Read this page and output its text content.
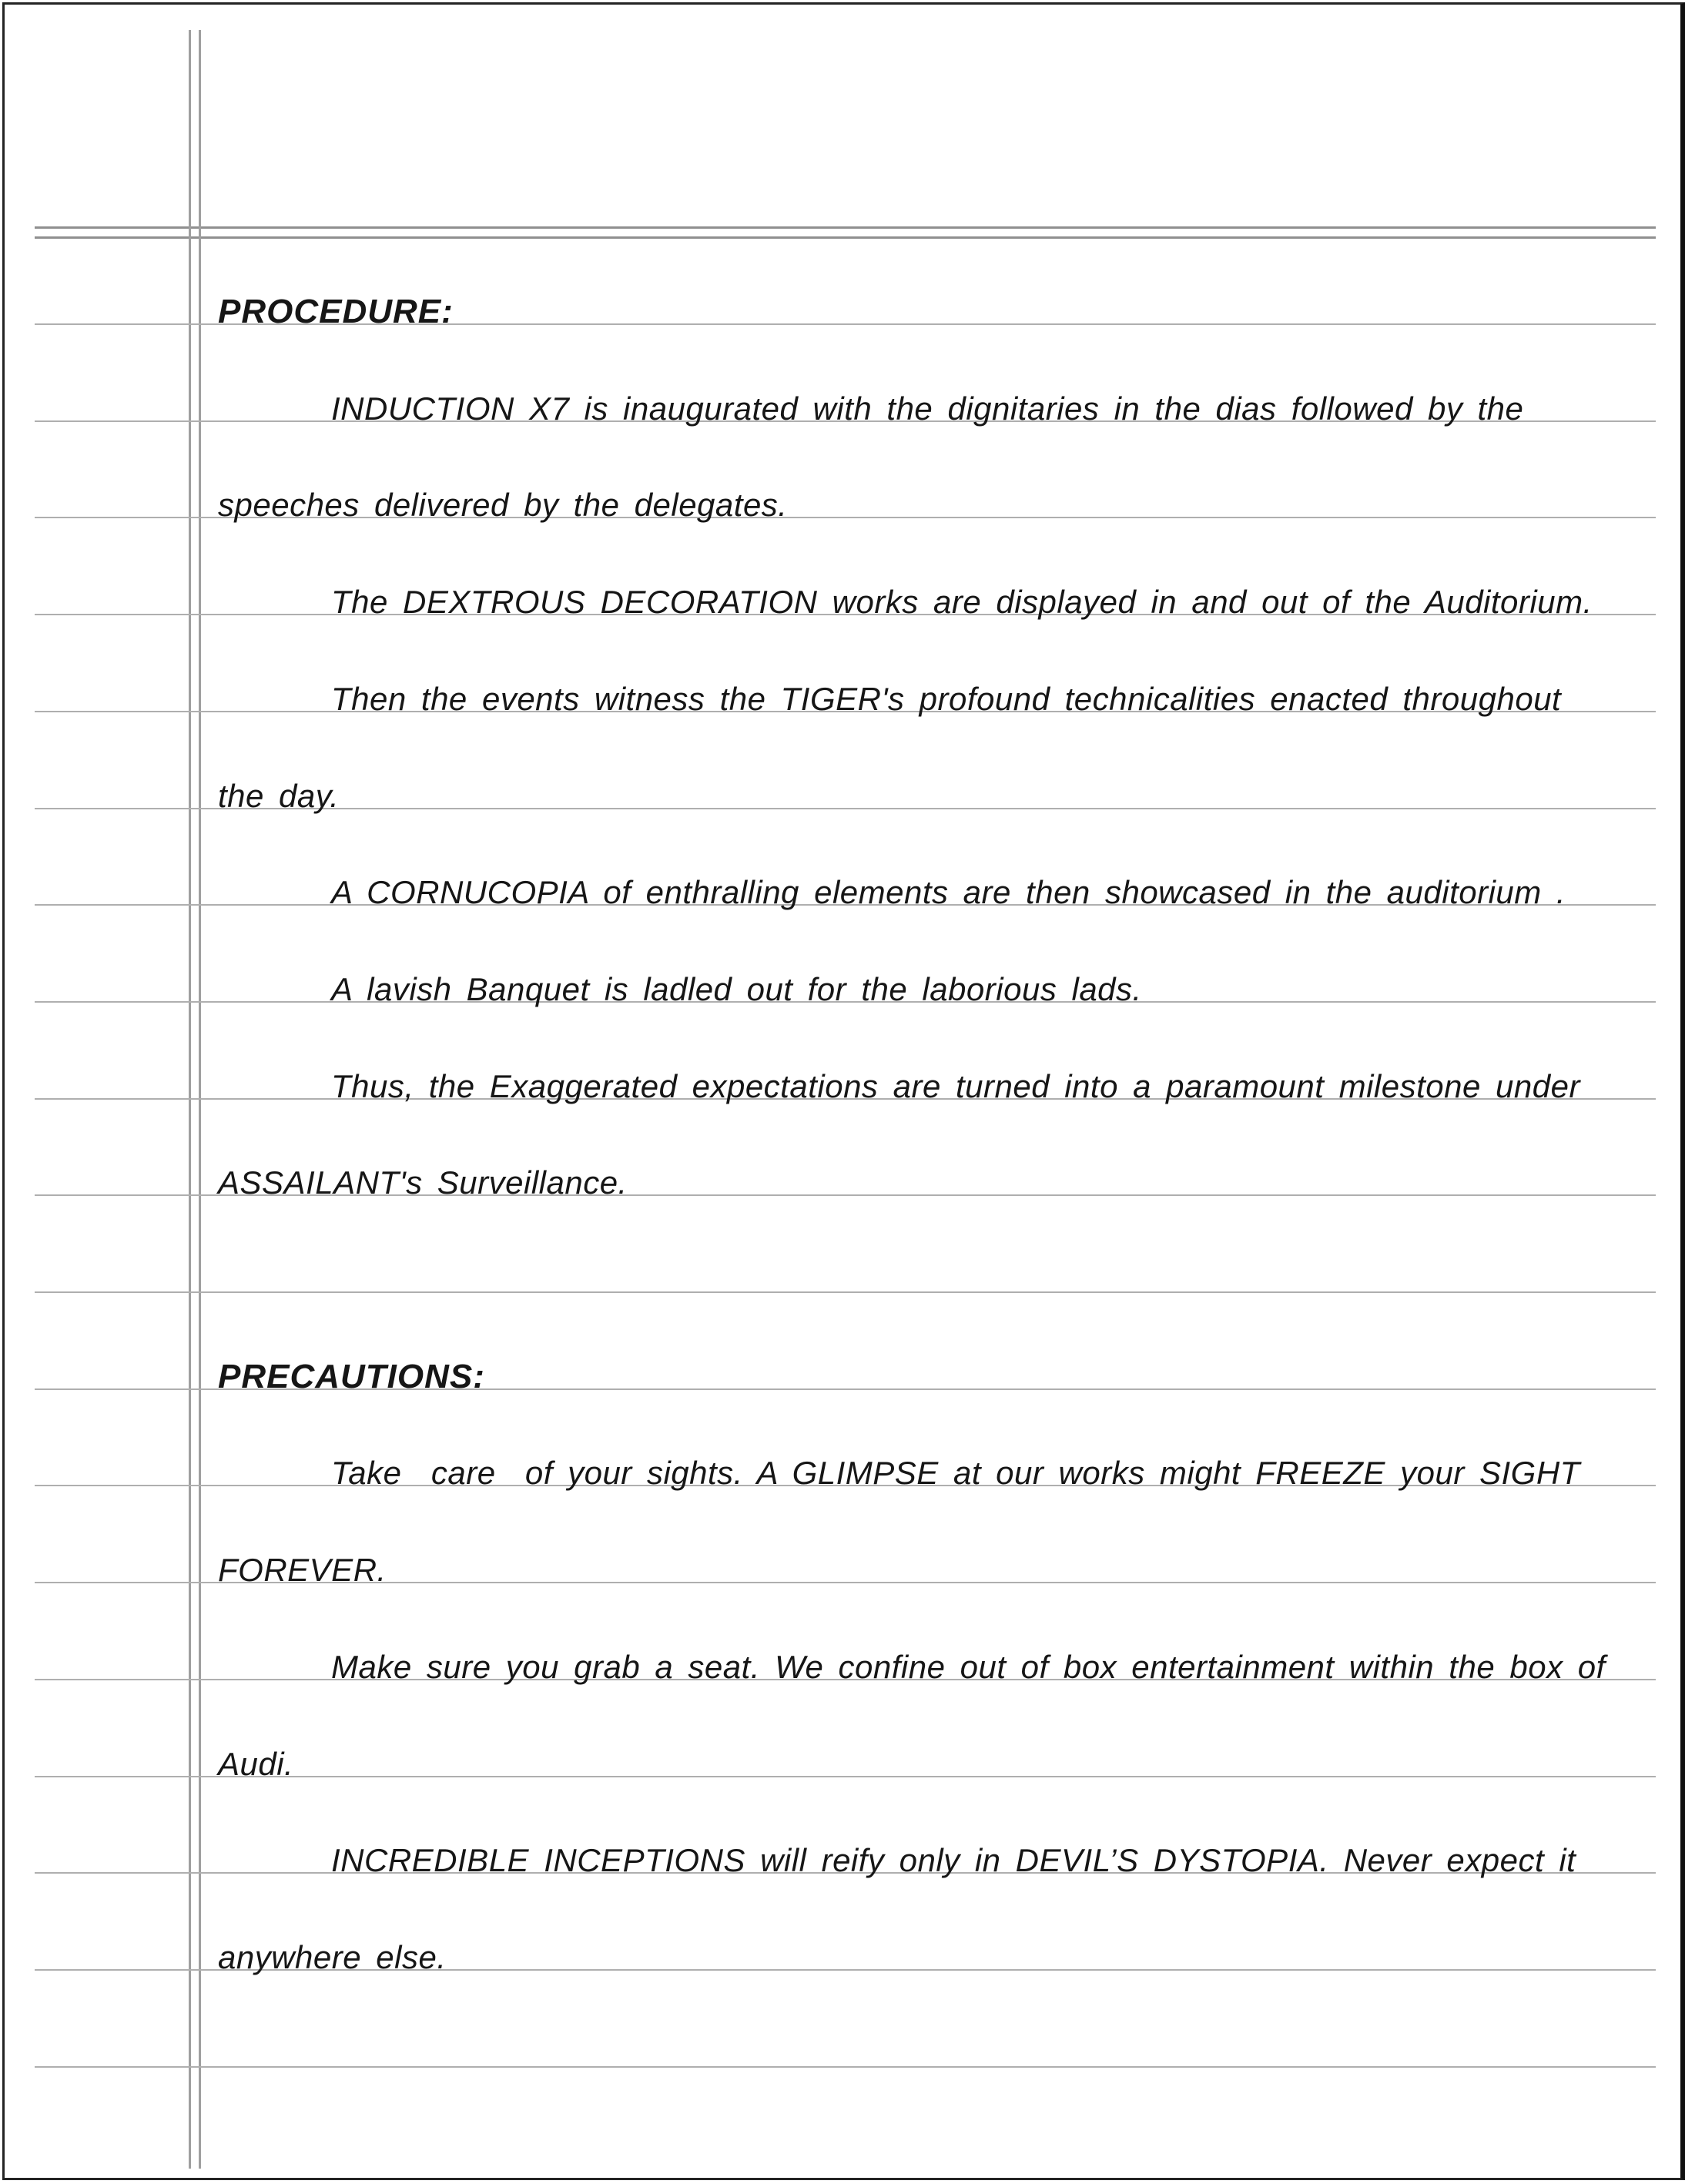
PROCEDURE:
INDUCTION X7 is inaugurated with the dignitaries in the dias followed by the
speeches delivered by the delegates.
The DEXTROUS DECORATION works are displayed in and out of the Auditorium.
Then the events witness the TIGER's profound technicalities enacted throughout
the day.
A CORNUCOPIA of enthralling elements are then showcased in the auditorium .
A lavish Banquet is ladled out for the laborious lads.
Thus, the Exaggerated expectations are turned into a paramount milestone under
ASSAILANT's Surveillance.
PRECAUTIONS:
Take  care  of your sights. A GLIMPSE at our works might FREEZE your SIGHT
FOREVER.
Make sure you grab a seat. We confine out of box entertainment within the box of
Audi.
INCREDIBLE INCEPTIONS will reify only in DEVIL’S DYSTOPIA. Never expect it
anywhere else.
